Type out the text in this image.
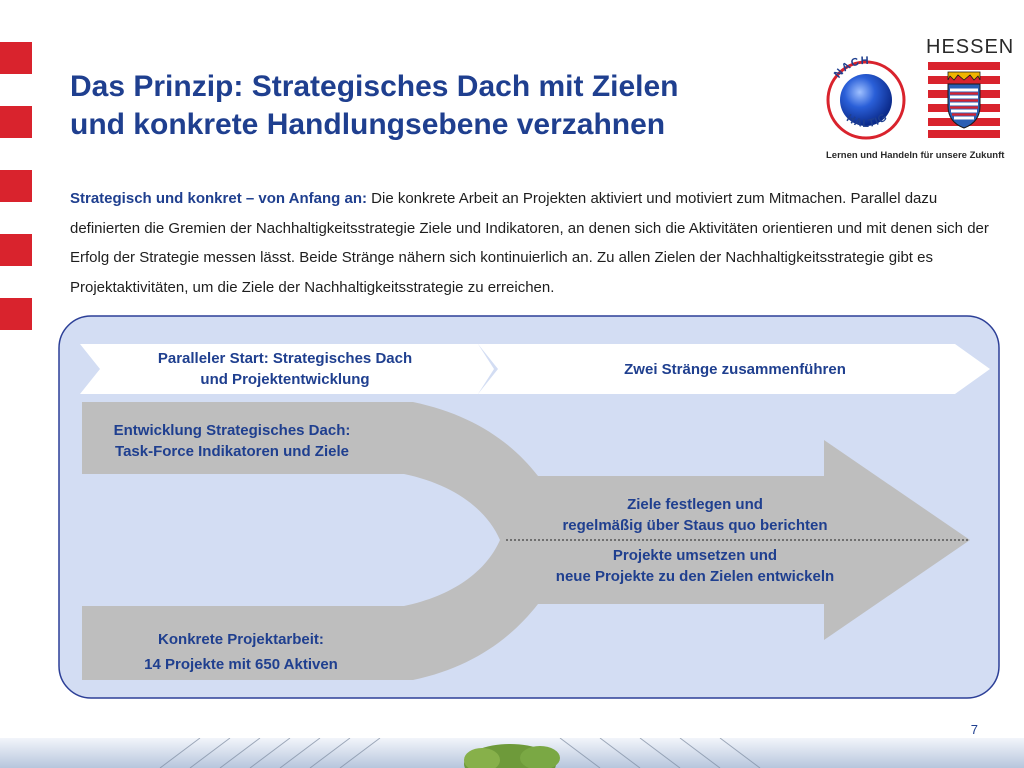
Das Prinzip: Strategisches Dach mit Zielen
und konkrete Handlungsebene verzahnen
NACH
HALTIG
HESSEN
Lernen und Handeln für unsere Zukunft
Strategisch und konkret – von Anfang an: Die konkrete Arbeit an Projekten aktiviert und motiviert zum Mitmachen. Parallel dazu definierten die Gremien der Nachhaltigkeitsstrategie Ziele und Indikatoren, an denen sich die Aktivitäten orientieren und mit denen sich der Erfolg der Strategie messen lässt. Beide Stränge nähern sich kontinuierlich an. Zu allen Zielen der Nachhaltigkeitsstrategie gibt es Projektaktivitäten, um die Ziele der Nachhaltigkeitsstrategie zu erreichen.
Paralleler Start: Strategisches Dach
und Projektentwicklung
Zwei Stränge zusammenführen
Entwicklung Strategisches Dach:
Task-Force Indikatoren und Ziele
Ziele festlegen und
regelmäßig über Staus quo berichten
Projekte umsetzen und
neue Projekte zu den Zielen entwickeln
Konkrete Projektarbeit:
14 Projekte mit 650 Aktiven
7
